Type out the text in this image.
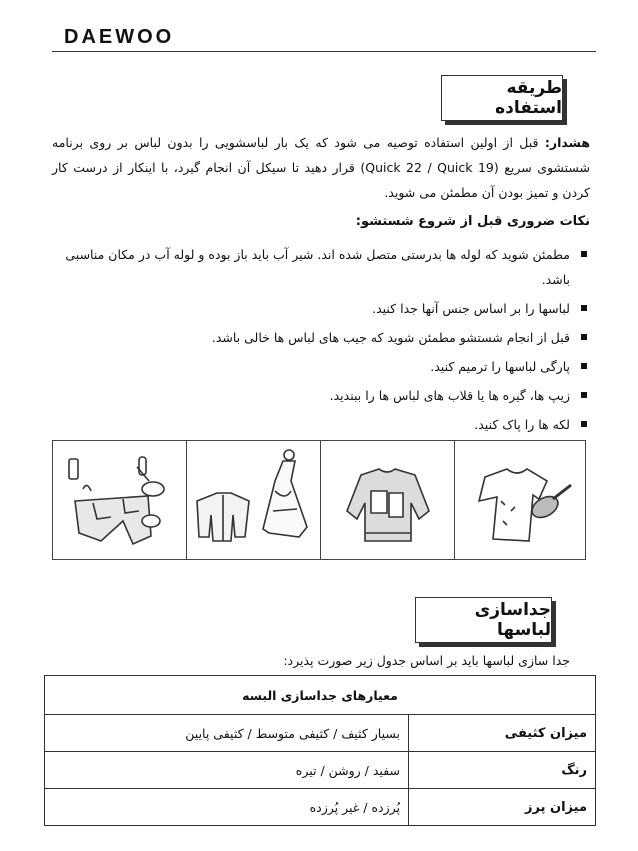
DAEWOO
طریقه استفاده
هشدار: قبل از اولین استفاده توصیه می شود که یک بار لباسشویی را بدون لباس بر روی برنامه شستشوی سریع (Quick 22 / Quick 19) قرار دهید تا سیکل آن انجام گیرد، با اینکار از درست کار کردن و تمیز بودن آن مطمئن می شوید.
نکات ضروری قبل از شروع شستشو:
مطمئن شوید که لوله ها بدرستی متصل شده اند. شیر آب باید باز بوده و لوله آب در مکان مناسبی باشد.
لباسها را بر اساس جنس آنها جدا کنید.
قبل از انجام شستشو مطمئن شوید که جیب های لباس ها خالی باشد.
پارگی لباسها را ترمیم کنید.
زیپ ها، گیره ها یا قلاب های لباس ها را ببندید.
لکه ها را پاک کنید.
جداسازی لباسها
جدا سازی لباسها باید بر اساس جدول زیر صورت پذیرد:
معیارهای جداسازی البسه	
میزان کثیفی	بسیار کثیف / کثیفی متوسط / کثیفی پایین
رنگ	سفید / روشن / تیره
میزان پرز	پُرزده / غیر پُرزده
